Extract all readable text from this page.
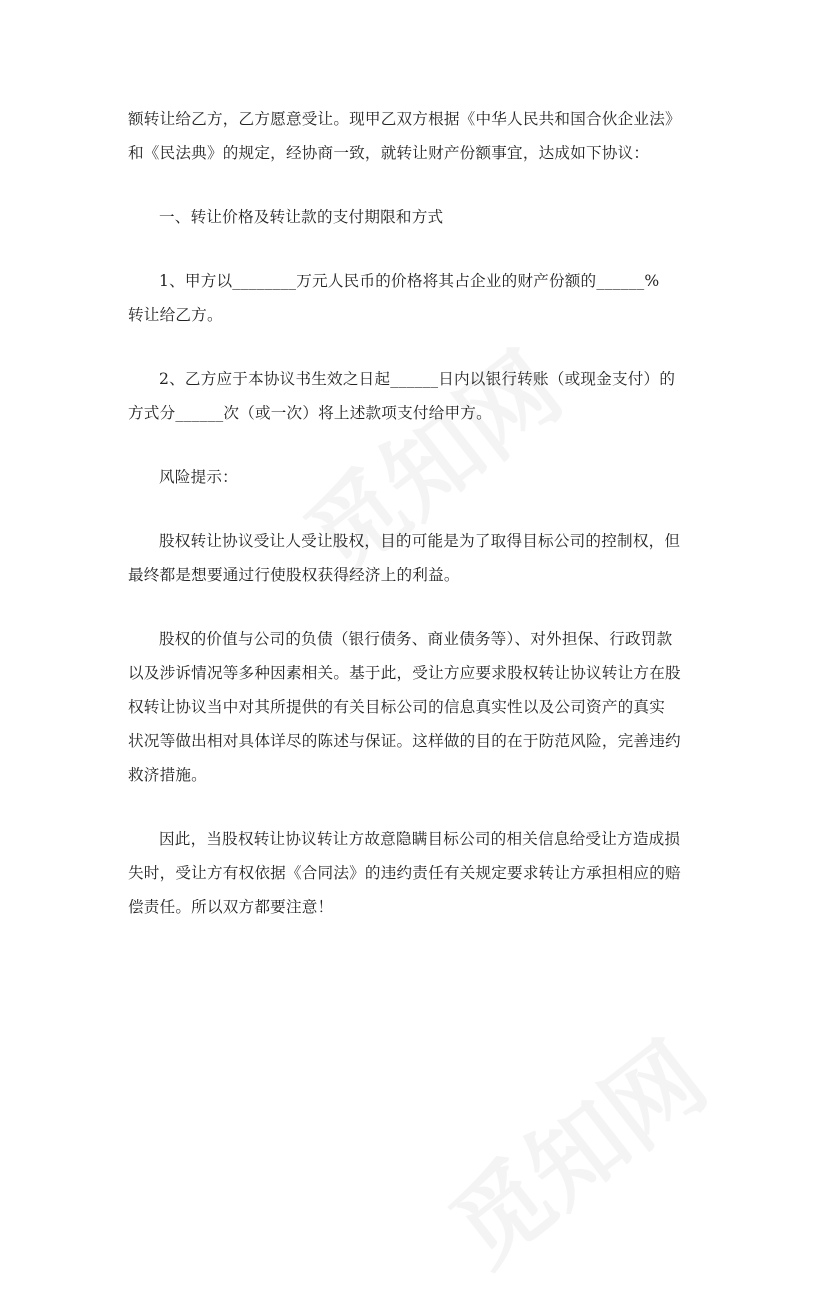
额转让给乙方，乙方愿意受让。现甲乙双方根据《中华人民共和国合伙企业法》

和《民法典》的规定，经协商一致，就转让财产份额事宜，达成如下协议：

一、转让价格及转让款的支付期限和方式

1、甲方以________万元人民币的价格将其占企业的财产份额的______%

转让给乙方。

2、乙方应于本协议书生效之日起______日内以银行转账（或现金支付）的

方式分______次（或一次）将上述款项支付给甲方。

风险提示：

股权转让协议受让人受让股权，目的可能是为了取得目标公司的控制权，但

最终都是想要通过行使股权获得经济上的利益。

股权的价值与公司的负债（银行债务、商业债务等）、对外担保、行政罚款

以及涉诉情况等多种因素相关。基于此，受让方应要求股权转让协议转让方在股

权转让协议当中对其所提供的有关目标公司的信息真实性以及公司资产的真实

状况等做出相对具体详尽的陈述与保证。这样做的目的在于防范风险，完善违约

救济措施。

因此，当股权转让协议转让方故意隐瞒目标公司的相关信息给受让方造成损

失时，受让方有权依据《合同法》的违约责任有关规定要求转让方承担相应的赔

偿责任。所以双方都要注意！
